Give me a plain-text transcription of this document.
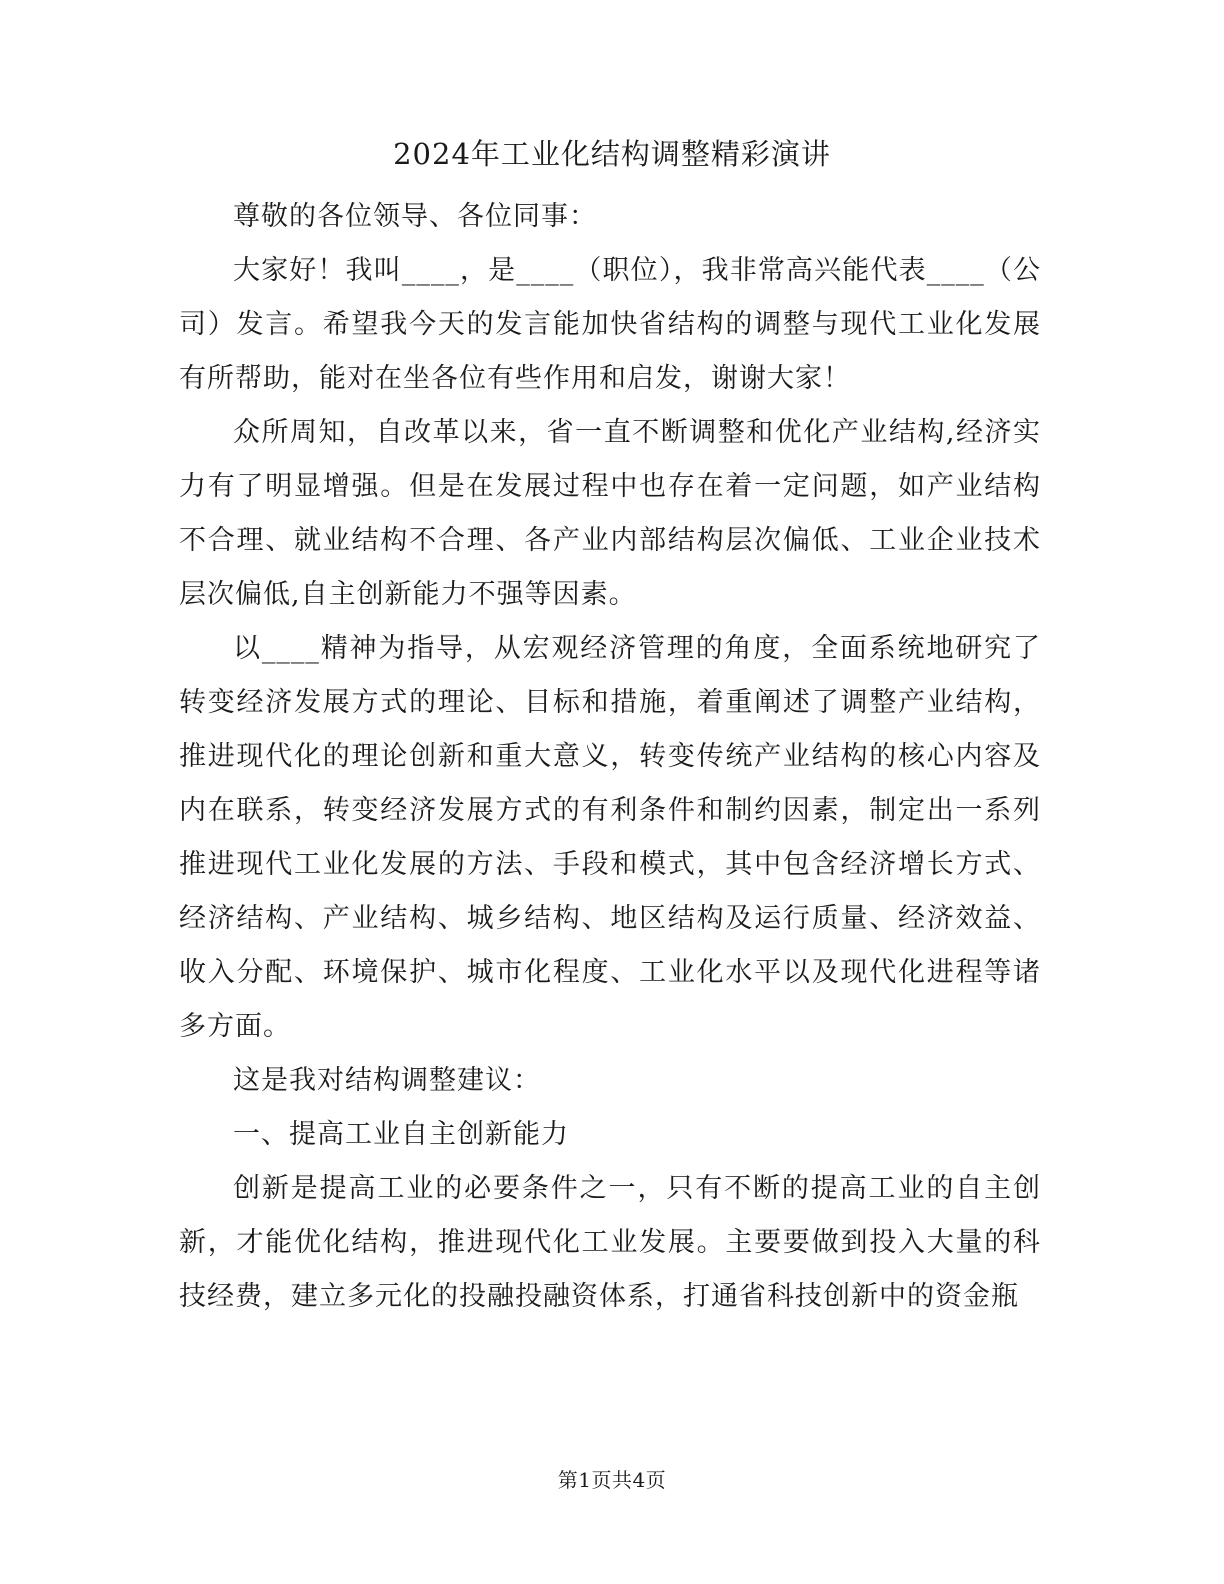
2024年工业化结构调整精彩演讲

尊敬的各位领导、各位同事：

大家好！我叫____，是____（职位），我非常高兴能代表____（公司）发言。希望我今天的发言能加快省结构的调整与现代工业化发展有所帮助，能对在坐各位有些作用和启发，谢谢大家！

众所周知，自改革以来，省一直不断调整和优化产业结构,经济实力有了明显增强。但是在发展过程中也存在着一定问题，如产业结构不合理、就业结构不合理、各产业内部结构层次偏低、工业企业技术层次偏低,自主创新能力不强等因素。

以____精神为指导，从宏观经济管理的角度，全面系统地研究了转变经济发展方式的理论、目标和措施，着重阐述了调整产业结构，推进现代化的理论创新和重大意义，转变传统产业结构的核心内容及内在联系，转变经济发展方式的有利条件和制约因素，制定出一系列推进现代工业化发展的方法、手段和模式，其中包含经济增长方式、经济结构、产业结构、城乡结构、地区结构及运行质量、经济效益、收入分配、环境保护、城市化程度、工业化水平以及现代化进程等诸多方面。

这是我对结构调整建议：

一、提高工业自主创新能力

创新是提高工业的必要条件之一，只有不断的提高工业的自主创新，才能优化结构，推进现代化工业发展。主要要做到投入大量的科技经费，建立多元化的投融投融资体系，打通省科技创新中的资金瓶

第1页共4页
